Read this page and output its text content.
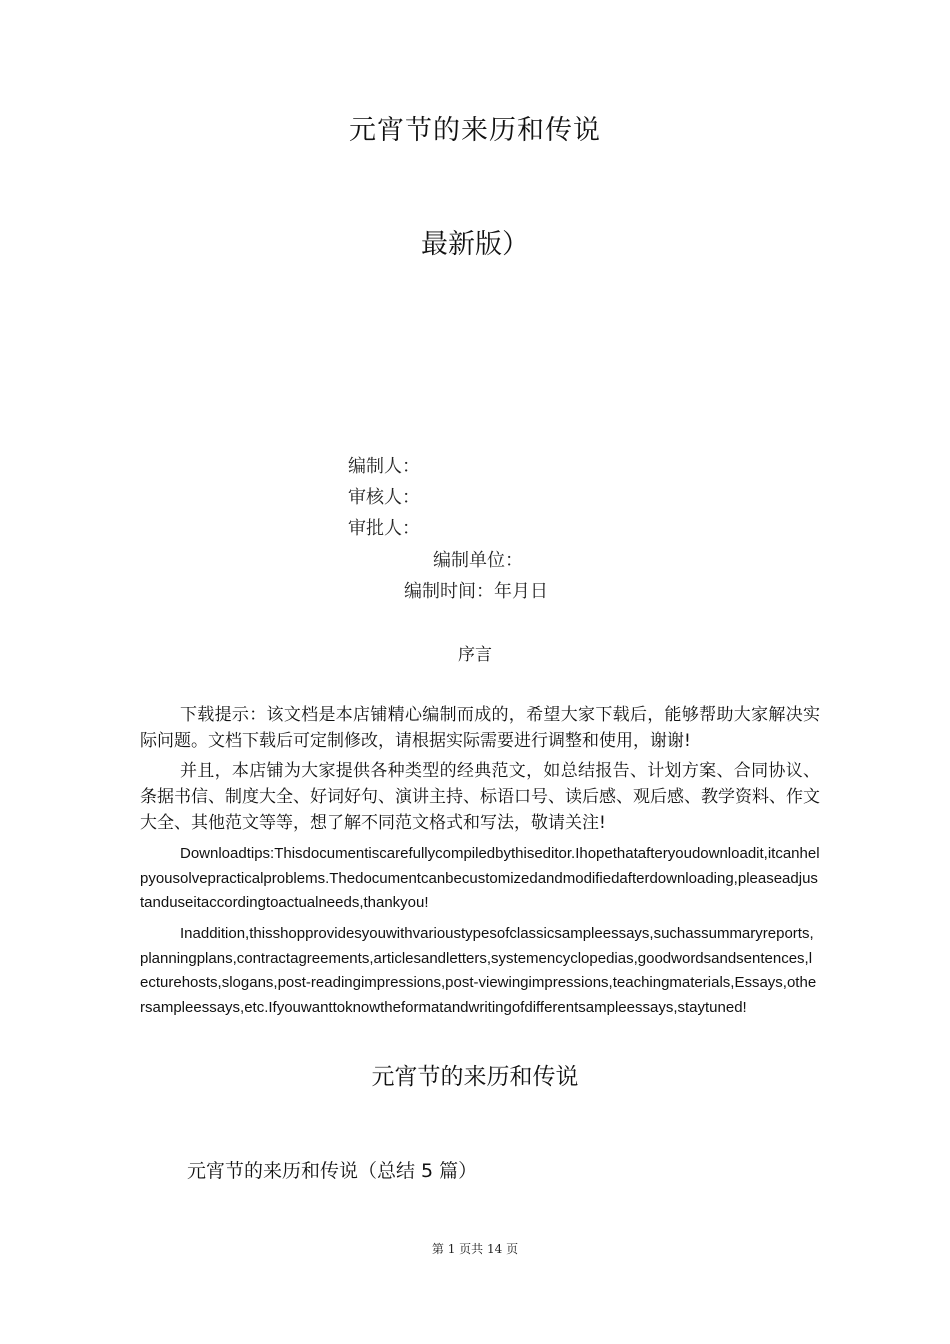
元宵节的来历和传说
最新版）
编制人：
审核人：
审批人：
编制单位：
编制时间：年月日
序言

下载提示：该文档是本店铺精心编制而成的，希望大家下载后，能够帮助大家解决实际问题。文档下载后可定制修改，请根据实际需要进行调整和使用，谢谢!

并且，本店铺为大家提供各种类型的经典范文，如总结报告、计划方案、合同协议、条据书信、制度大全、好词好句、演讲主持、标语口号、读后感、观后感、教学资料、作文大全、其他范文等等，想了解不同范文格式和写法，敬请关注!

Downloadtips:Thisdocumentiscarefullycompiledbythiseditor.Ihopethatafteryoudownloadit,itcanhelpyousolvepracticalproblems.Thedocumentcanbecustomizedandmodifiedafterdownloading,pleaseadjustanduseitaccordingtoactualneeds,thankyou!

Inaddition,thisshopprovidesyouwithvarioustypesofclassicsampleessays,suchassummaryreports,planningplans,contractagreements,articlesandletters,systemencyclopedias,goodwordsandsentences,lecturehosts,slogans,post-readingimpressions,post-viewingimpressions,teachingmaterials,Essays,othersampleessays,etc.Ifyouwanttoknowtheformatandwritingofdifferentsampleessays,staytuned!

元宵节的来历和传说
元宵节的来历和传说（总结 5 篇）
第 1 页共 14 页
